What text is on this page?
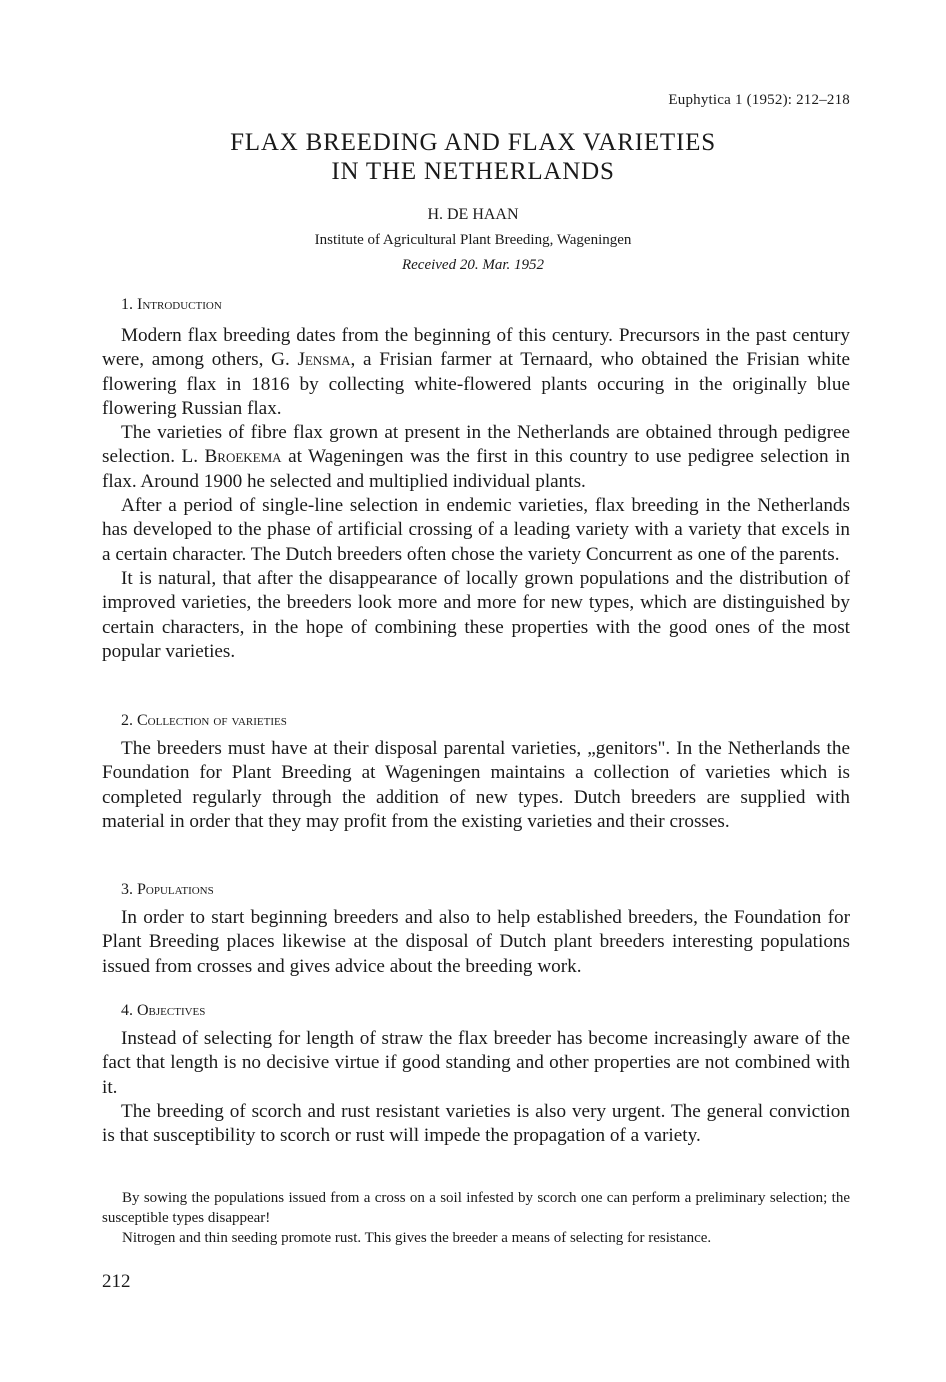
Euphytica 1 (1952): 212–218
FLAX BREEDING AND FLAX VARIETIES
IN THE NETHERLANDS
H. DE HAAN
Institute of Agricultural Plant Breeding, Wageningen
Received 20. Mar. 1952
1. Introduction

Modern flax breeding dates from the beginning of this century. Precursors in the past century were, among others, G. Jensma, a Frisian farmer at Ternaard, who obtained the Frisian white flowering flax in 1816 by collecting white-flowered plants occuring in the originally blue flowering Russian flax.

The varieties of fibre flax grown at present in the Netherlands are obtained through pedigree selection. L. Broekema at Wageningen was the first in this country to use pedigree selection in flax. Around 1900 he selected and multiplied individual plants.

After a period of single-line selection in endemic varieties, flax breeding in the Netherlands has developed to the phase of artificial crossing of a leading variety with a variety that excels in a certain character. The Dutch breeders often chose the variety Concurrent as one of the parents.

It is natural, that after the disappearance of locally grown populations and the distribution of improved varieties, the breeders look more and more for new types, which are distinguished by certain characters, in the hope of combining these properties with the good ones of the most popular varieties.

2. Collection of varieties

The breeders must have at their disposal parental varieties, „genitors". In the Netherlands the Foundation for Plant Breeding at Wageningen maintains a collection of varieties which is completed regularly through the addition of new types. Dutch breeders are supplied with material in order that they may profit from the existing varieties and their crosses.

3. Populations

In order to start beginning breeders and also to help established breeders, the Foundation for Plant Breeding places likewise at the disposal of Dutch plant breeders interesting populations issued from crosses and gives advice about the breeding work.

4. Objectives

Instead of selecting for length of straw the flax breeder has become increasingly aware of the fact that length is no decisive virtue if good standing and other properties are not combined with it.

The breeding of scorch and rust resistant varieties is also very urgent. The general conviction is that susceptibility to scorch or rust will impede the propagation of a variety.

By sowing the populations issued from a cross on a soil infested by scorch one can perform a preliminary selection; the susceptible types disappear!

Nitrogen and thin seeding promote rust. This gives the breeder a means of selecting for resistance.

212
